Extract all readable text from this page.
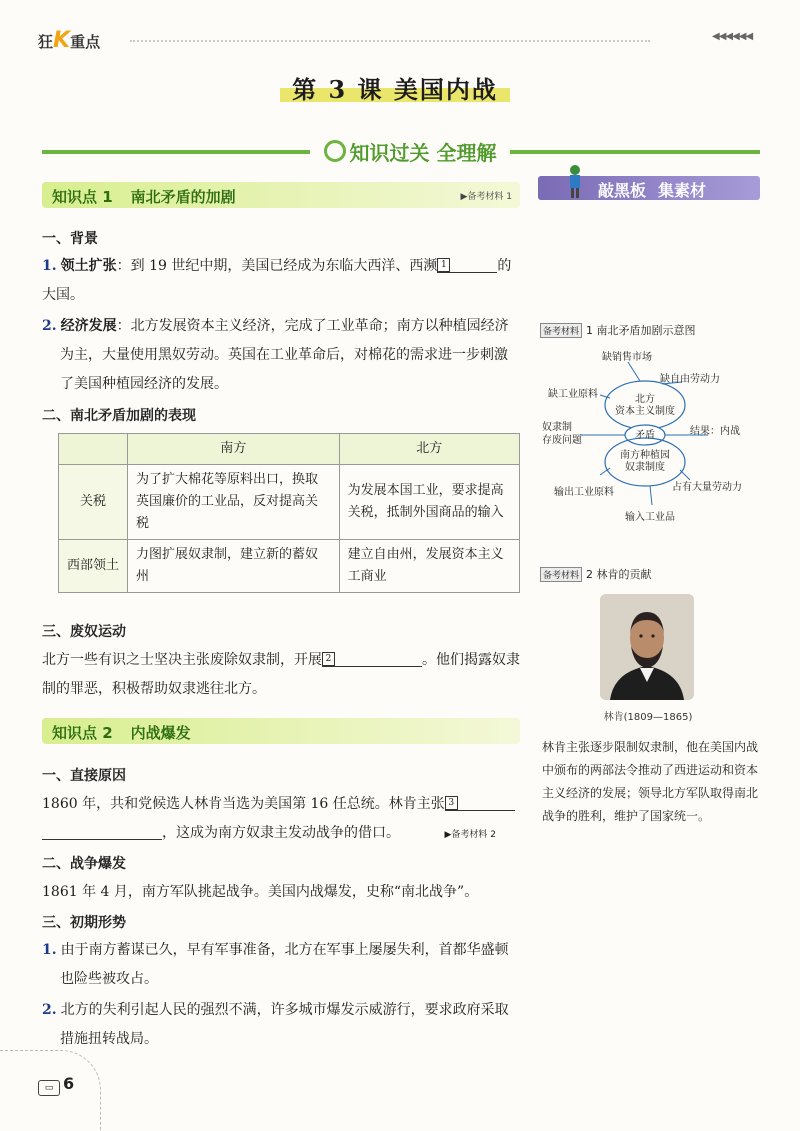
狂K重点	◀◀◀◀◀◀
第 3 课 美国内战
知识过关 全理解
知识点 1 南北矛盾的加剧	▶备考材料 1
一、背景
1. 领土扩张：到 19 世纪中期，美国已经成为东临大西洋、西濒 1	的大国。
2. 经济发展：北方发展资本主义经济，完成了工业革命；南方以种植园经济为主，大量使用黑奴劳动。英国在工业革命后，对棉花的需求进一步刺激了美国种植园经济的发展。
二、南北矛盾加剧的表现
	南方	北方
关税	为了扩大棉花等原料出口，换取英国廉价的工业品，反对提高关税	为发展本国工业，要求提高关税，抵制外国商品的输入
西部领土	力图扩展奴隶制，建立新的蓄奴州	建立自由州，发展资本主义工商业
三、废奴运动
北方一些有识之士坚决主张废除奴隶制，开展 2	。他们揭露奴隶制的罪恶，积极帮助奴隶逃往北方。
知识点 2 内战爆发
一、直接原因
1860 年，共和党候选人林肯当选为美国第 16 任总统。林肯主张 3

，这成为南方奴隶主发动战争的借口。	▶备考材料 2
二、战争爆发
1861 年 4 月，南方军队挑起战争。美国内战爆发，史称“南北战争”。
三、初期形势
1. 由于南方蓄谋已久，早有军事准备，北方在军事上屡屡失利，首都华盛顿也险些被攻占。
2. 北方的失利引起人民的强烈不满，许多城市爆发示威游行，要求政府采取措施扭转战局。
敲黑板 集素材
备考材料 1 南北矛盾加剧示意图
北方
资本主义制度
矛盾
南方种植园
奴隶制度
缺销售市场
缺自由劳动力
缺工业原料
奴隶制
存废问题
结果：内战
输出工业原料	占有大量劳动力
输入工业品
备考材料 2 林肯的贡献
林肯(1809—1865)
林肯主张逐步限制奴隶制，他在美国内战中颁布的两部法令推动了西进运动和资本主义经济的发展；领导北方军队取得南北战争的胜利，维护了国家统一。
▭ 6
